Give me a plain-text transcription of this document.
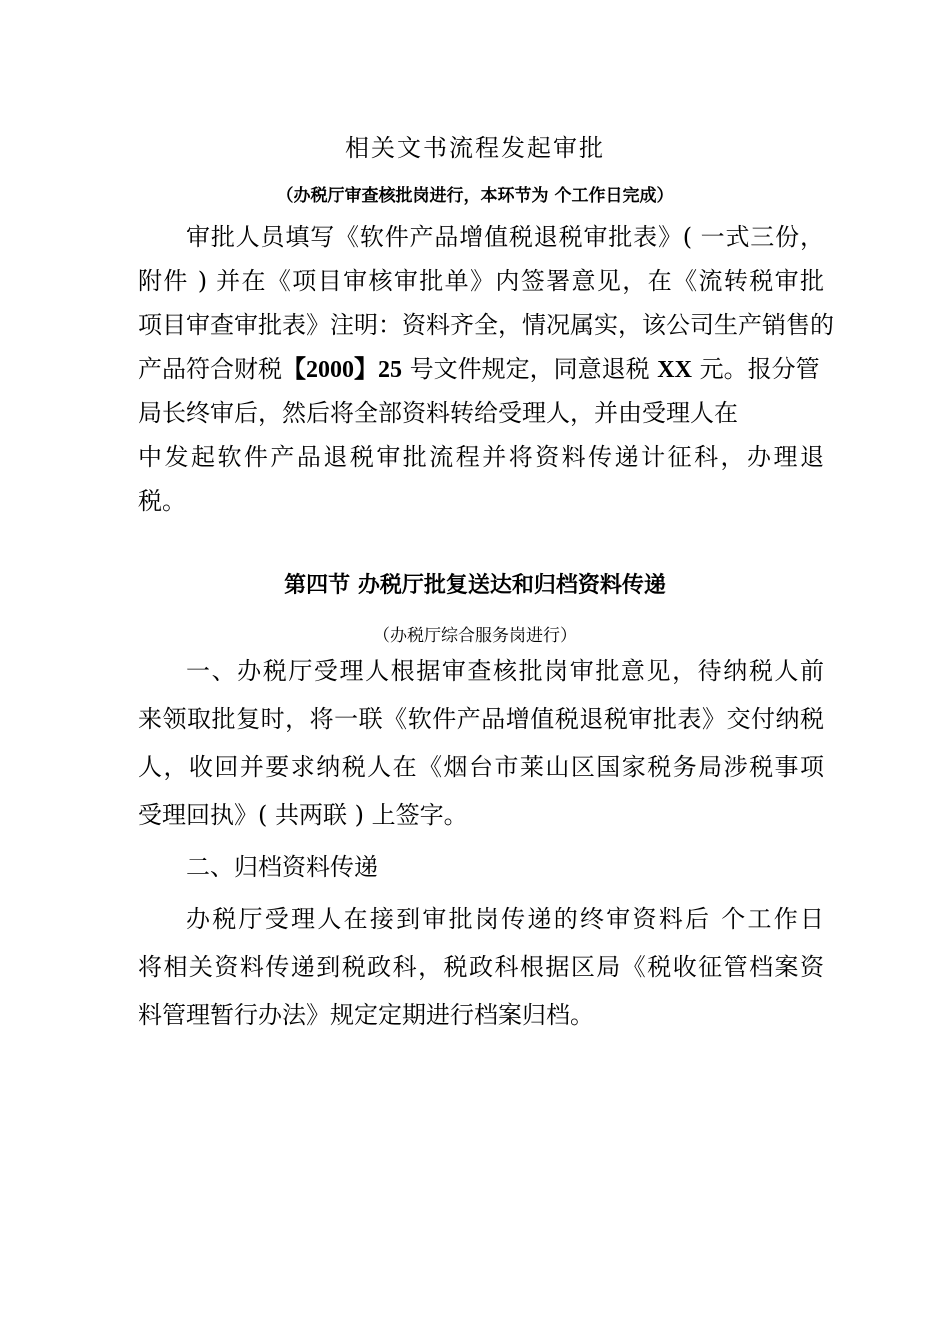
相关文书流程发起审批
（办税厅审查核批岗进行，本环节为 个工作日完成）
审批人员填写《软件产品增值税退税审批表》( 一式三份，
附件 ) 并在《项目审核审批单》内签署意见，在《流转税审批
项目审查审批表》注明：资料齐全，情况属实，该公司生产销售的
产品符合财税【2000】25 号文件规定，同意退税 XX 元。报分管
局长终审后，然后将全部资料转给受理人，并由受理人在
中发起软件产品退税审批流程并将资料传递计征科，办理退
税。
第四节 办税厅批复送达和归档资料传递
（办税厅综合服务岗进行）
一、办税厅受理人根据审查核批岗审批意见，待纳税人前
来领取批复时，将一联《软件产品增值税退税审批表》交付纳税
人，收回并要求纳税人在《烟台市莱山区国家税务局涉税事项
受理回执》( 共两联 ) 上签字。
二、归档资料传递
办税厅受理人在接到审批岗传递的终审资料后 个工作日
将相关资料传递到税政科，税政科根据区局《税收征管档案资
料管理暂行办法》规定定期进行档案归档。
